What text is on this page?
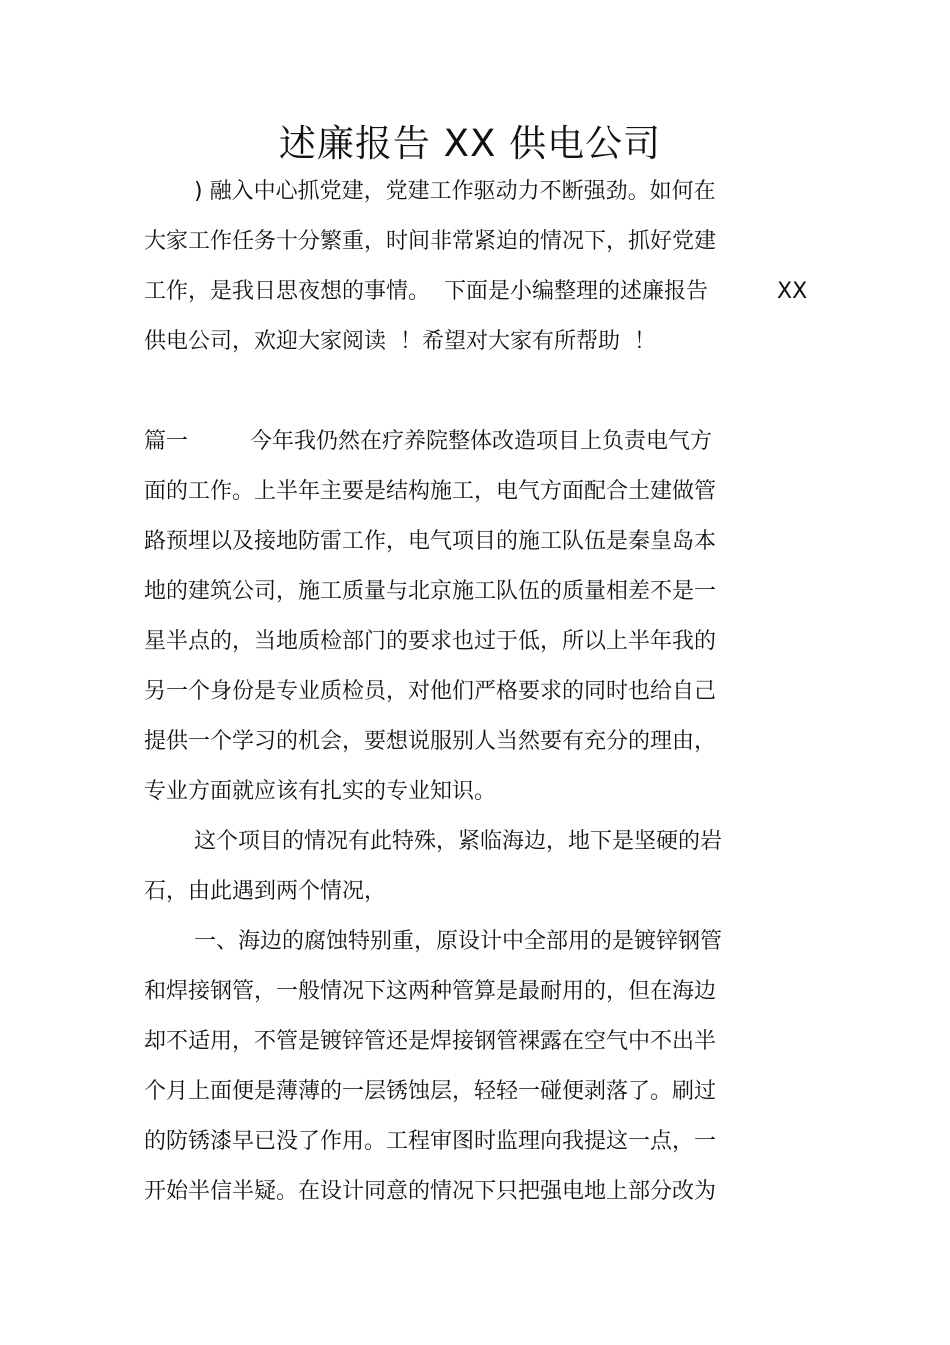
述廉报告 XX 供电公司
) 融入中心抓党建，党建工作驱动力不断强劲。如何在
大家工作任务十分繁重，时间非常紧迫的情况下，抓好党建
工作，是我日思夜想的事情。  下面是小编整理的述廉报告	XX
供电公司，欢迎大家阅读  ！希望对大家有所帮助  ！
篇一	今年我仍然在疗养院整体改造项目上负责电气方
面的工作。上半年主要是结构施工，电气方面配合土建做管
路预埋以及接地防雷工作，电气项目的施工队伍是秦皇岛本
地的建筑公司，施工质量与北京施工队伍的质量相差不是一
星半点的，当地质检部门的要求也过于低，所以上半年我的
另一个身份是专业质检员，对他们严格要求的同时也给自己
提供一个学习的机会，要想说服别人当然要有充分的理由，
专业方面就应该有扎实的专业知识。
这个项目的情况有此特殊，紧临海边，地下是坚硬的岩
石，由此遇到两个情况，
一、海边的腐蚀特别重，原设计中全部用的是镀锌钢管
和焊接钢管，一般情况下这两种管算是最耐用的，但在海边
却不适用，不管是镀锌管还是焊接钢管裸露在空气中不出半
个月上面便是薄薄的一层锈蚀层，轻轻一碰便剥落了。刷过
的防锈漆早已没了作用。工程审图时监理向我提这一点，一
开始半信半疑。在设计同意的情况下只把强电地上部分改为
